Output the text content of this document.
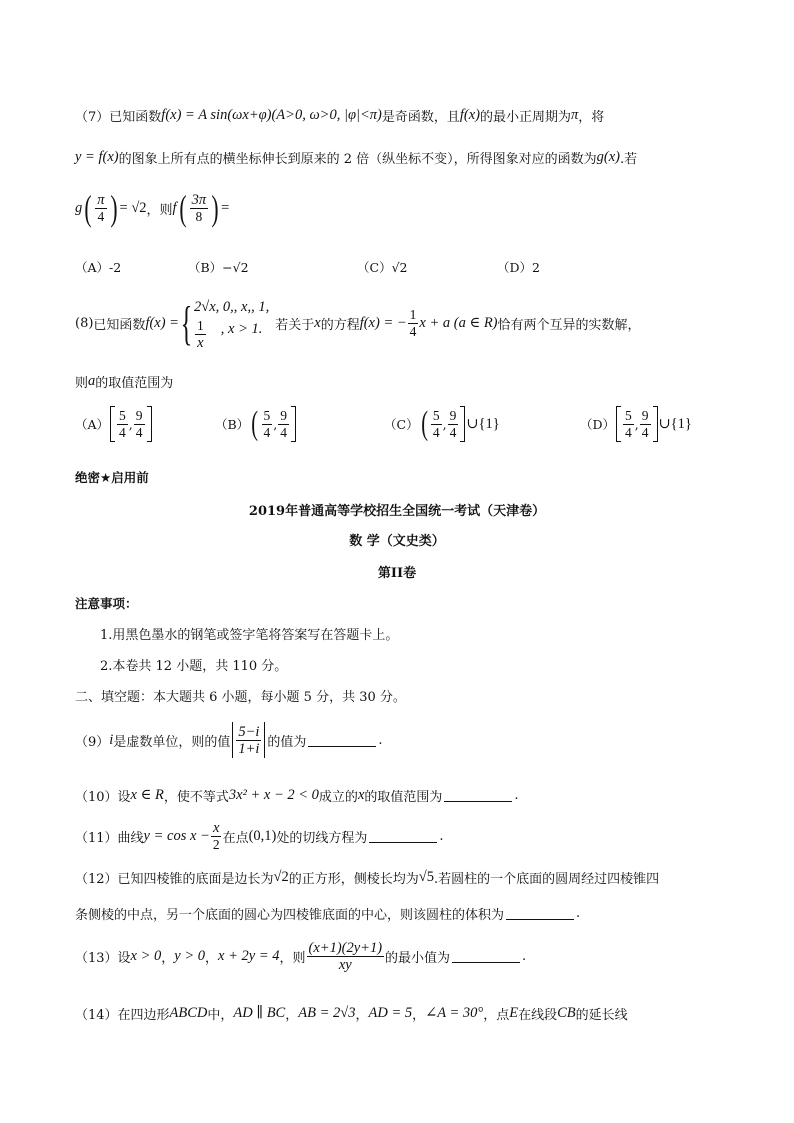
（7） 已知函数 f(x) = A sin(ωx+φ)(A>0, ω>0, |φ|<π) 是奇函数，且 f(x) 的最小正周期为 π ，将
y = f(x) 的图象上所有点的横坐标伸长到原来的 2 倍（纵坐标不变），所得图象对应的函数为 g(x) .若
g ( $\frac{\pi}{4}$ ) = √2 ，则 f ( $\frac{3\pi}{8}$ ) =
（A）-2	（B）−√2	（C）√2	（D）2
(8) 已知函数 f(x) = { 2√x, 0,, x,, 1,
$\frac{1}{x}$ , x > 1. 若关于 x 的方程 f(x) = − $\frac{1}{4}$ x + a (a ∈ R) 恰有两个互异的实数解，
则 a 的取值范围为
$(A) \frac{5}{4}$ , $\frac{9}{4}$	（B） ( $\frac{5}{4}$ , $\frac{9}{4}$	（C） ( $\frac{5}{4}$ , $\frac{9}{4}$ ∪{1}	$(D) \frac{5}{4}$ , $\frac{9}{4}$ ∪{1}
绝密★启用前
2019年普通高等学校招生全国统一考试（天津卷）
数 学（文史类）
第II卷
注意事项：
1.用黑色墨水的钢笔或签字笔将答案写在答题卡上。
2.本卷共 12 小题，共 110 分。
二、填空题：本大题共 6 小题，每小题 5 分，共 30 分。
（9） i 是虚数单位，则的值 $\frac{5-i}{1+i}$ 的值为	.
（10）设 x ∈ R ，使不等式 3x² + x − 2 < 0 成立的 x 的取值范围为	.
（11）曲线 $y = \cos x - \frac{x}{2}$ 在点 (0,1) 处的切线方程为	.
（12）已知四棱锥的底面是边长为 √2 的正方形，侧棱长均为 √5 .若圆柱的一个底面的圆周经过四棱锥四
条侧棱的中点，另一个底面的圆心为四棱锥底面的中心，则该圆柱的体积为	.
（13）设 x > 0 ， y > 0 ， x + 2y = 4 ，则 $\frac{(x+1)(2y+1)}{xy}$ 的最小值为	.
（14）在四边形 ABCD 中， AD ∥ BC ， AB = 2√3 ， AD = 5 ， ∠A = 30° ，点 E 在线段 CB 的延长线
